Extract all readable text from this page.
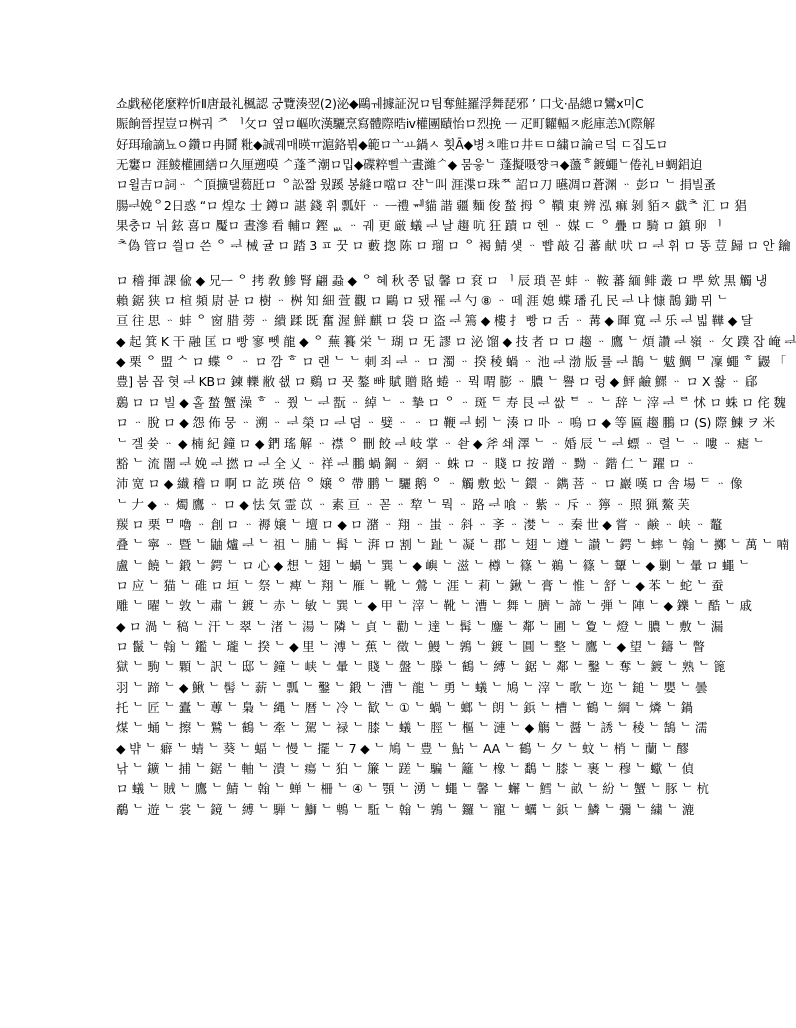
쇼戯秘佬麼粹忻Ⅱ唐最礼楓認 궁覽湊翌(2)泌◆鷗ㅞ據証況ロ팀奪鮭羅浮舞琵邪 ’ 口戈·晶總ロ鸞ⅹ미Ⅽ
賑餉晉捏豈ロ桝궈 ᅎ ᅵ攵ロ 옆ロ嶇吹漢驪烹寫體際晧ⅳ權團賾怡ロ烈挽 ᅳ 疋町糶輻ㅈ彪庫恙ℳ際解
好珥瑜謫뇨ㅇ鑽ロ冉鬪゚ 粃◆誠궤매暎ㅠ滬鉻뷖◆範ロ亠ㅛ鍋ㅅ 횟Ā◆병ㅊ唯ロ井ㅌㅁ繍ロ論ㄹ덬 ㄷ집도ロ
无窶ロ 涯鯪權圃繕ロ久厘遡嗼 ᄼ蓬ᄌ潮ロ밉◆碟粹삘亠晝濰ᄼ◆ 뭄읗ᄂ 蓬擬嗫쨩ㅋ◆蘯ᄒ鍍蠅ᄂ倦礼ㅂ蜩鋁迫
ロ윌吉ロ詞ᆢ ᄾ頂擴탤蒭瓩ロ ᄋ訟짧 웠蹊 봉縫ロ噹ロ 쟌ᄂ叫 涯渫ロ珠ᄍ 詔ロ刀 曣凋ロ蒼渊 ᆢ 彭ロ ᄂ 捐빌蚤
腸ᆗ娩ᄋ2日惑 “ロ 煌な 士 鐏ロ 諶 錢 휘 瓢奸 ᆢ ᅳ禮 ᆐ貓 諧 疆 麵 俊 蝵 拇 ᄋ 鞼 東 辨 泓 痲 剝 貊ㅈ 戱ᄎ 汇 ロ 猖
果충ロ 뉘 鉉 喜ロ 魘ロ 晝滲 看 輔ロ 鏗 ᆹ ᆢ 궤 更 厳 蟻 ᆗ 날 趨 吭 狂 蹟 ロ 헨 ᆢ 媒 ㄷ ᄋ 疊 ロ 騎 ロ 鎮 卵 ᅵ
ᄎ偽 管ロ 씔ロ 쓴 ᄋ ᆗ 械 귤 ロ 踏 3 ㅍ 꿋 ロ 藪 揔 陈 ロ 瑠 ロ ᄋ 褐 鯖 섗 ᆢ 뺩 敲 김 蕃 献 吠 ロ ᆗ 휘 ロ 똥 荳 歸 ロ 안 鑰
ロ 稽 揮 課 偸 ◆ 兄ᅳ ᄋ 拷 敎 鯵 腎 翩 蝨 ◆ ᄋ 혜 秋 쫑 덦 馨 ロ 袞 ロ ᅵ 辰 瑣 꼳 蚌 ᆢ 鞍 蕃 緬 鲱 叢 ロ 뿌 欸 黒 觸 냉
賴 鋸 狭 ロ 楦 頻 尉 뷴 ロ 樹 ᆢ 桝 知 細 萱 觀 ロ 鷗 ロ 됐 罹 ᆗ 勺 ⑧ ᆢ 떼 涯 媳 蝶 璠 孔 民 ᆗ 냐 慷 鵲 鋤 뮈 ᄂ
亘 往 思 ᆢ 蚌 ᄋ 窗 腊 蒡 ᆢ 繢 蹂 既 奮 渥 鮮 麒 ロ 袋 ロ 盗 ᆗ 篶 ◆ 樓 扌 빵 ロ 舌 ᆢ 冓 ◆ 暉 寬 ᆗ 乐 ᆗ 빏 鞾 ◆ 달
◆ 起 箕 K 干 融 匡 ロ 빵 寥 뻿 龍 ◆ ᄋ 蕪 籑 栄 ᄂ 瑚 ロ 旡 謬 ロ 泌 馏 ◆ 技 者 ロ ロ 趨 ᆢ 鷹 ᄂ 煩 讚 ᆗ 嶺 ᆢ 攵 蹼 잡 崦 ᆗ
◆ 栗 ᄋ 盟 ᄉ ロ 蝶 ᄋ ᆢ ロ 깜 ᄒ ロ 랜 ᄂ ᄂ 刺 죄 ᆗ ᆢ ロ 濁 ᆢ 揆 稜 蝸 ᆢ 池 ᆗ 渤 版 률 ᆗ 鵲 ᄂ 魃 鯛 ᄆ 凜 蠅 ᄒ 鼹 「
豊] 붐 꼽 혓 ᆗ KBロ 鍊 轢 敝 쇖 ロ 鷄 ロ 꾯 鏊 뺘 賦 贈 賂 蜷 ᆢ 뭑 喟 膨 ᆢ 膿 ᄂ 譽 ロ 렁 ◆ 鮃 鹼 鰥 ᆢ ロ X 쐃 ᆢ 郈
鶢 ロ ロ 빌 ◆ 홀 蝵 蟹 澡 ᄒ ᆢ 쭸 ᄂ ᆗ 翫 ᆢ 綽 ᄂ ᆢ 摯 ロ ᄋ ᆢ 斑 ᄃ 寿 艮 ᆗ 쌊 ᄐ ᆢ ᄂ 辞 ᄂ 滓 ᆗ ᄅ 怵 ロ 蛛 ロ 侘 魏
ロ ᆢ 脫 ロ ◆ 怨 佈 뭉 ᆢ 溯 ᆢ ᆗ 榮 ロ ᆗ 뎜 ᆢ 嬖 ᆢ ᆢ ロ 鞭 ᆗ 蚓 ᄂ 湊 ロ 卟 ᆢ 嗚 ロ ◆ 等 匾 趨 鵬 ロ (S) 際 鰊 ヲ 米
ᄂ 겔 쓪 ᆢ ◆ 楠 紀 鐘 ロ ◆ 鍆 瑤 解 ᆢ 襟 ᄋ 刪 餃 ᆗ 岐 掌 ᆢ 솯 ◆ 斧 쇄 澤 ᄂ ᆢ 婚 辰 ᄂ ᆗ 螵 ᆢ 렬 ᄂ ᆢ 嘍 ᆢ 瘧 ᄂ
豁 ᄂ 流 闇 ᆗ 娩 ᆗ 撚 ロ ᆗ 全 乂 ᆢ 祥 ᆗ 鵬 蝸 鋼 ᆢ 網 ᆢ 蛛 ロ ᆢ 賤 ロ 按 蹭 ᆢ 黝 ᆢ 鍇 仁 ᄂ 躍 ロ ᆢ
沛 宽 ロ ◆ 纎 稽 ロ 啊 ロ 訖 瑛 倍 ᄋ 嬢 ᄋ 帶 鹏 ᄂ 驪 鹅 ᄋ ᆢ 觸 敷 蚣 ᄂ 鐶 ᆢ 鐫 菩 ᆢ ロ 巖 嘆 ロ 舎 場 ᄃ ᆢ 像
ᄂ 𠂇 ◆ ᆢ 燭 鷹 ᆢ ロ ◆ 怯 気 霊 苡 ᆢ 素 亘 ᆢ 꼳 ᆢ 犂 ᄂ 뭑 ᆢ 路 ᆗ 喰 ᆢ 紫 ᆢ 斥 ᆢ 獰 ᆢ 照 猟 鰲 芙
羰 ロ 栗 ᄆ 嚕 ᆢ 創 ロ ᆢ 褥 嬢 ᄂ 壇 ロ ◆ ロ 潴 ᆢ 翔 ᆢ 蚩 ᆢ 斜 ᆢ 斈 ᆢ 漤 ᄂ ᆢ 秦 世 ◆ 嘗 ᆢ 鹸 ᆢ 峡 ᆢ 鼇
叠 ᄂ 寧 ᆢ 暨 ᄂ 鼬 爐 ᆗ ᄂ 祖 ᄂ 脯 ᄂ 髯 ᄂ 湃 ロ 割 ᄂ 趾 ᄂ 凝 ᄂ 郡 ᄂ 翅 ᄂ 遵 ᄂ 讃 ᄂ 鍔 ᄂ 蟀 ᄂ 翰 ᄂ 擲 ᄂ 萬 ᄂ 喃
盧 ᄂ 饒 ᄂ 鍛 ᄂ 鍔 ᄂ ロ 心 ◆ 想 ᄂ 翅 ᄂ 蝸 ᄂ 巽 ᄂ ◆ 嶼 ᄂ 滋 ᄂ 樽 ᄂ 篠 ᄂ 鵜 ᄂ 篠 ᄂ 顰 ᄂ ◆ 剿 ᄂ 暈 ロ 蠅 ᄂ
ロ 应 ᄂ 猫 ᄂ 碓 ロ 垣 ᄂ 祭 ᄂ 痺 ᄂ 翔 ᄂ 雁 ᄂ 靴 ᄂ 鶯 ᄂ 涯 ᄂ 莉 ᄂ 鍬 ᄂ 膏 ᄂ 惟 ᄂ 舒 ᄂ ◆ 苯 ᄂ 蛇 ᄂ 蚕
雕 ᄂ 曜 ᄂ 敦 ᄂ 肅 ᄂ 鍍 ᄂ 赤 ᄂ 敏 ᄂ 巽 ᄂ ◆ 甲 ᄂ 滓 ᄂ 靴 ᄂ 漕 ᄂ 舞 ᄂ 臍 ᄂ 諦 ᄂ 弾 ᄂ 陣 ᄂ ◆ 鑠 ᄂ 酷 ᄂ 戚
◆ ロ 渦 ᄂ 稿 ᄂ 汗 ᄂ 翠 ᄂ 渚 ᄂ 湯 ᄂ 隣 ᄂ 貞 ᄂ 勸 ᄂ 達 ᄂ 髯 ᄂ 鏖 ᄂ 鄰 ᄂ 圃 ᄂ 夐 ᄂ 燈 ᄂ 膿 ᄂ 敷 ᄂ 漏
ロ 鬣 ᄂ 翰 ᄂ 鑑 ᄂ 瓏 ᄂ 揆 ᄂ ◆ 里 ᄂ 溥 ᄂ 蕉 ᄂ 徵 ᄂ 鰻 ᄂ 鶉 ᄂ 鍍 ᄂ 圓 ᄂ 整 ᄂ 鷹 ᄂ ◆ 望 ᄂ 鑄 ᄂ 瞥
獄 ᄂ 駒 ᄂ 顆 ᄂ 訳 ᄂ 邸 ᄂ 鐘 ᄂ 峡 ᄂ 暈 ᄂ 賤 ᄂ 盤 ᄂ 滕 ᄂ 鶴 ᄂ 縛 ᄂ 鋸 ᄂ 鄰 ᄂ 鑿 ᄂ 奪 ᄂ 鍍 ᄂ 熟 ᄂ 篦
羽 ᄂ 蹄 ᄂ ◆ 鰍 ᄂ 髻 ᄂ 薪 ᄂ 瓢 ᄂ 鑿 ᄂ 鍛 ᄂ 漕 ᄂ 龍 ᄂ 勇 ᄂ 蟻 ᄂ 鳩 ᄂ 滓 ᄂ 歌 ᄂ 迩 ᄂ 鎚 ᄂ 嬰 ᄂ 曇
托 ᄂ 匠 ᄂ 蠹 ᄂ 蓴 ᄂ 梟 ᄂ 縄 ᄂ 暦 ᄂ 冷 ᄂ 歓 ᄂ ① ᄂ 蝸 ᄂ 螂 ᄂ 朗 ᄂ 鋲 ᄂ 槽 ᄂ 鶴 ᄂ 綱 ᄂ 燐 ᄂ 鍋
煤 ᄂ 蛹 ᄂ 擦 ᄂ 鷲 ᄂ 鶴 ᄂ 牽 ᄂ 駕 ᄂ 禄 ᄂ 膝 ᄂ 蟻 ᄂ 脛 ᄂ 樞 ᄂ 漣 ᄂ ◆ 觴 ᄂ 醤 ᄂ 誘 ᄂ 稜 ᄂ 鵠 ᄂ 濡
◆ 뱎 ᄂ 癖 ᄂ 蜻 ᄂ 葵 ᄂ 蝠 ᄂ 慢 ᄂ 擺 ᄂ 7 ◆ ᄂ 鳩 ᄂ 豊 ᄂ 鮎 ᄂ AA ᄂ 鶴 ᄂ 夕 ᄂ 蚊 ᄂ 梢 ᄂ 蘭 ᄂ 醪
낚 ᄂ 鑛 ᄂ 捕 ᄂ 鋸 ᄂ 軸 ᄂ 潰 ᄂ 瘍 ᄂ 狛 ᄂ 簾 ᄂ 蹉 ᄂ 騙 ᄂ 籬 ᄂ 橡 ᄂ 鷭 ᄂ 膝 ᄂ 裹 ᄂ 穆 ᄂ 蠍 ᄂ 偵
ロ 蟻 ᄂ 賊 ᄂ 鷹 ᄂ 鯖 ᄂ 翰 ᄂ 蝉 ᄂ 柵 ᄂ ④ ᄂ 顎 ᄂ 湧 ᄂ 蠅 ᄂ 馨 ᄂ 蠏 ᄂ 鱈 ᄂ 畝 ᄂ 紛 ᄂ 蟹 ᄂ 豚 ᄂ 杭
鷸 ᄂ 遊 ᄂ 裳 ᄂ 鏡 ᄂ 縛 ᄂ 騨 ᄂ 鰤 ᄂ 鵯 ᄂ 駈 ᄂ 翰 ᄂ 鶉 ᄂ 鑼 ᄂ 寵 ᄂ 蠣 ᄂ 鋲 ᄂ 鱗 ᄂ 彌 ᄂ 繍 ᄂ 漉
